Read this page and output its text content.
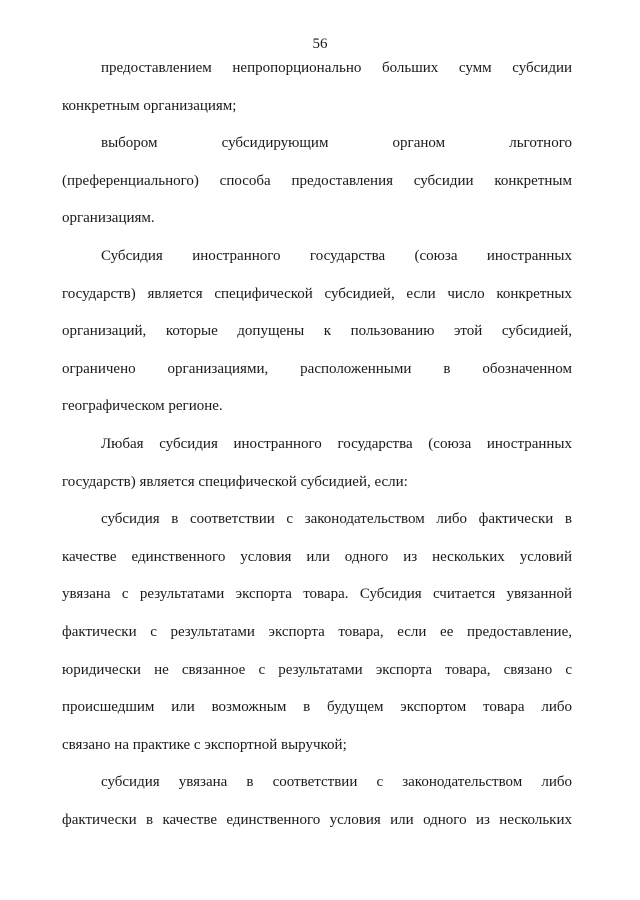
56
предоставлением непропорционально больших сумм субсидии
конкретным организациям;
выбором субсидирующим органом льготного
(преференциального) способа предоставления субсидии конкретным
организациям.
Субсидия иностранного государства (союза иностранных
государств) является специфической субсидией, если число конкретных
организаций, которые допущены к пользованию этой субсидией,
ограничено организациями, расположенными в обозначенном
географическом регионе.
Любая субсидия иностранного государства (союза иностранных
государств) является специфической субсидией, если:
субсидия в соответствии с законодательством либо фактически в
качестве единственного условия или одного из нескольких условий
увязана с результатами экспорта товара. Субсидия считается увязанной
фактически с результатами экспорта товара, если ее предоставление,
юридически не связанное с результатами экспорта товара, связано с
происшедшим или возможным в будущем экспортом товара либо
связано на практике с экспортной выручкой;
субсидия увязана в соответствии с законодательством либо
фактически в качестве единственного условия или одного из нескольких
